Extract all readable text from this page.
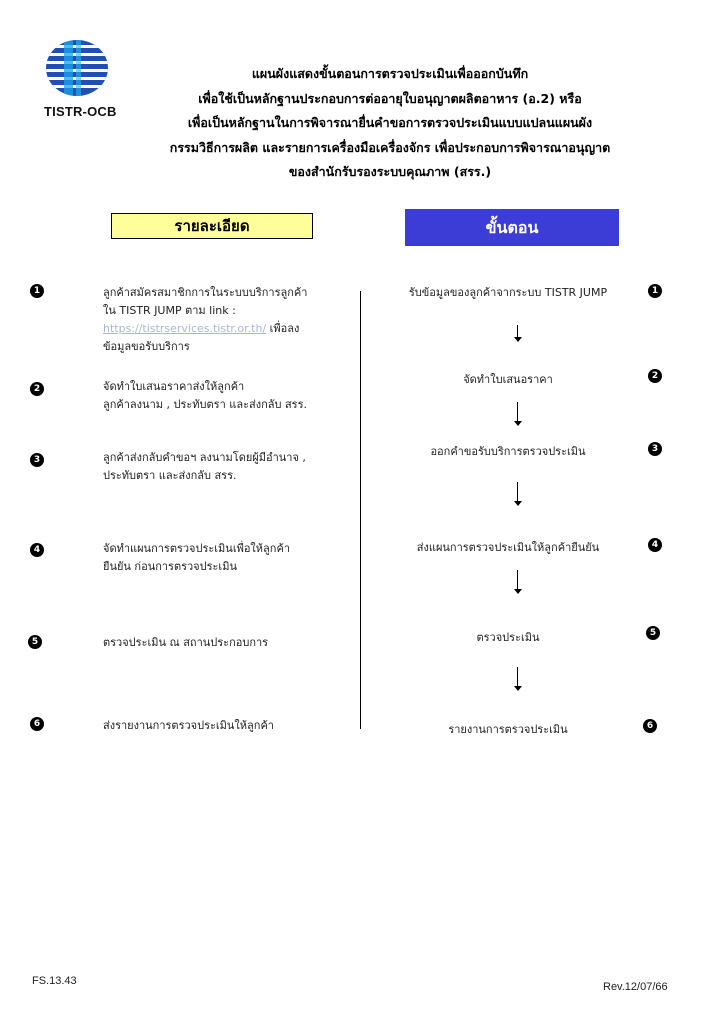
TISTR-OCB
แผนผังแสดงขั้นตอนการตรวจประเมินเพื่อออกบันทึก
เพื่อใช้เป็นหลักฐานประกอบการต่ออายุใบอนุญาตผลิตอาหาร (อ.2) หรือ
เพื่อเป็นหลักฐานในการพิจารณายื่นคำขอการตรวจประเมินแบบแปลนแผนผัง
กรรมวิธีการผลิต และรายการเครื่องมือเครื่องจักร เพื่อประกอบการพิจารณาอนุญาต
ของสำนักรับรองระบบคุณภาพ (สรร.)
รายละเอียด	ขั้นตอน
1
2
3
4
5
6
ลูกค้าสมัครสมาชิกการในระบบบริการลูกค้า
ใน TISTR JUMP ตาม link :
https://tistrservices.tistr.or.th/ เพื่อลง
ข้อมูลขอรับบริการ
จัดทำใบเสนอราคาส่งให้ลูกค้า
ลูกค้าลงนาม , ประทับตรา และส่งกลับ สรร.
ลูกค้าส่งกลับคำขอฯ ลงนามโดยผู้มีอำนาจ ,
ประทับตรา และส่งกลับ สรร.
จัดทำแผนการตรวจประเมินเพื่อให้ลูกค้า
ยืนยัน ก่อนการตรวจประเมิน
ตรวจประเมิน ณ สถานประกอบการ
ส่งรายงานการตรวจประเมินให้ลูกค้า
รับข้อมูลของลูกค้าจากระบบ TISTR JUMP
จัดทำใบเสนอราคา
ออกคำขอรับบริการตรวจประเมิน
ส่งแผนการตรวจประเมินให้ลูกค้ายืนยัน
ตรวจประเมิน
รายงานการตรวจประเมิน
1
2
3
4
5
6
FS.13.43	Rev.12/07/66
